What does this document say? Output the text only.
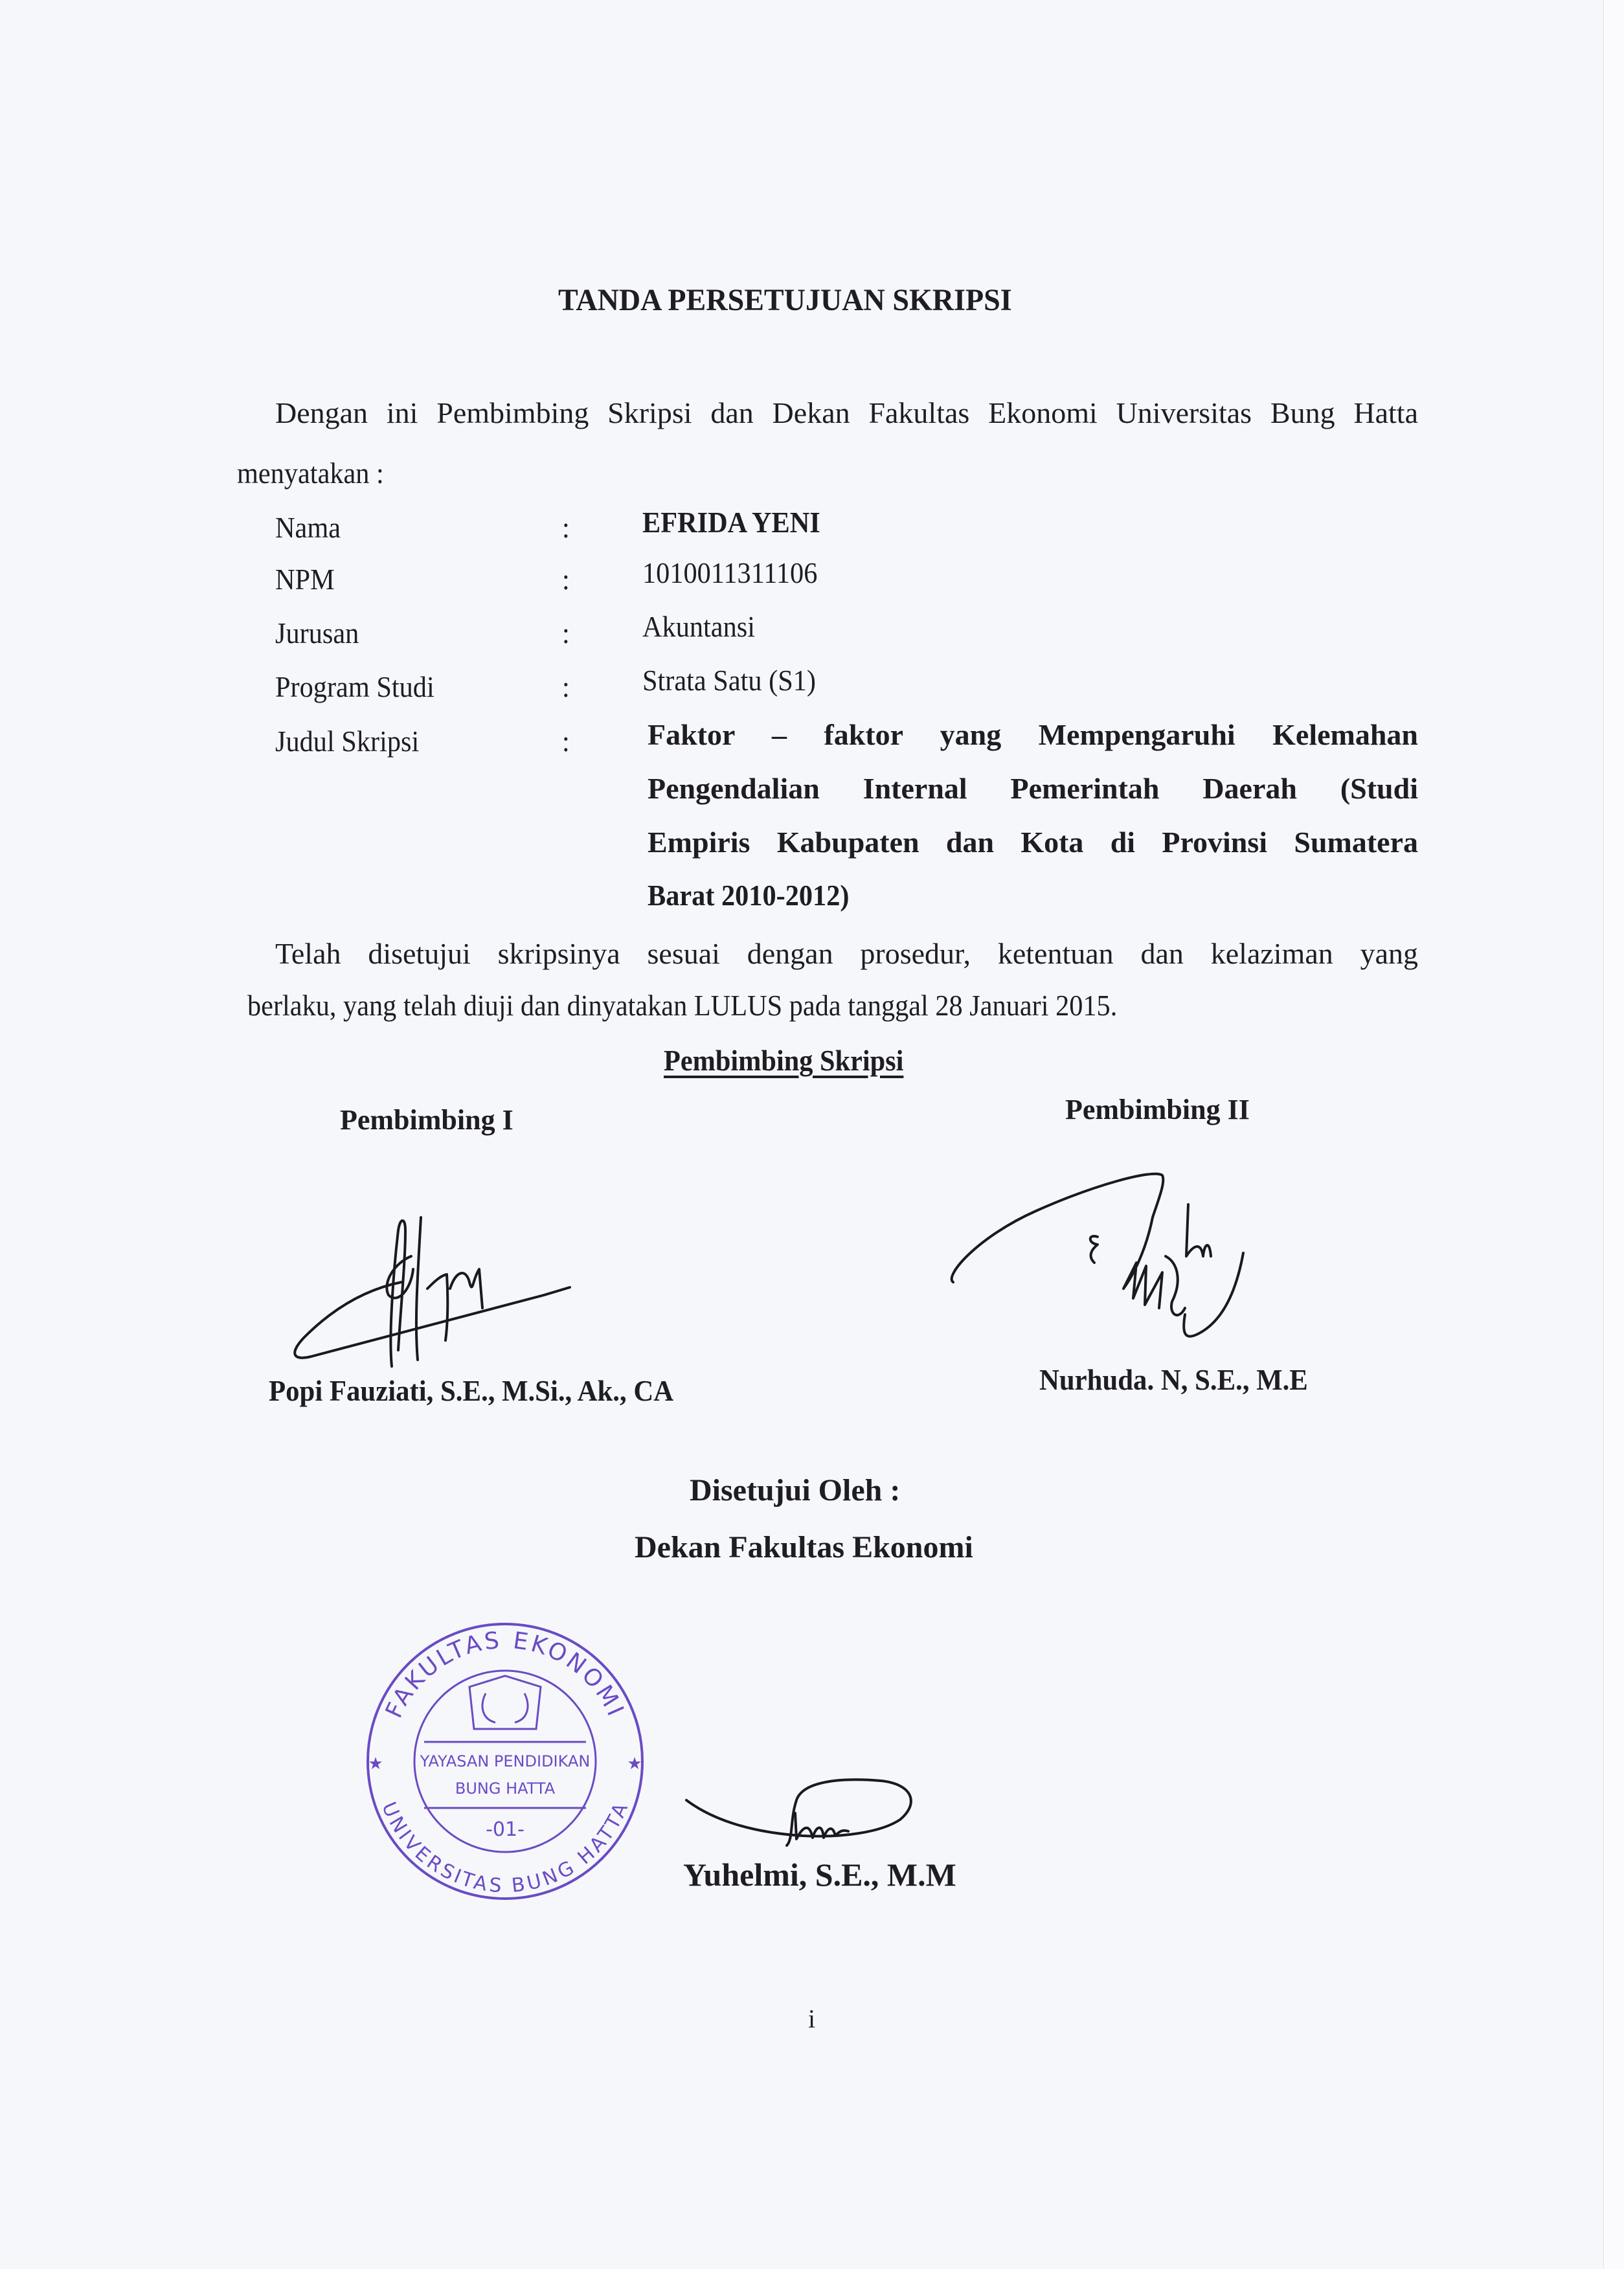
TANDA PERSETUJUAN SKRIPSI
Dengan ini Pembimbing Skripsi dan Dekan Fakultas Ekonomi Universitas Bung Hatta
menyatakan :
Nama	: EFRIDA YENI
NPM	: 1010011311106
Jurusan	: Akuntansi
Program Studi	: Strata Satu (S1)
Judul Skripsi	:	Faktor – faktor yang Mempengaruhi Kelemahan
Pengendalian Internal Pemerintah Daerah (Studi
Empiris Kabupaten dan Kota di Provinsi Sumatera
Barat 2010-2012)
Telah disetujui skripsinya sesuai dengan prosedur, ketentuan dan kelaziman yang
berlaku, yang telah diuji dan dinyatakan LULUS pada tanggal 28 Januari 2015.
Pembimbing Skripsi
Pembimbing I	Pembimbing II
Popi Fauziati, S.E., M.Si., Ak., CA	Nurhuda. N, S.E., M.E
Disetujui Oleh :
Dekan Fakultas Ekonomi
FAKULTAS EKONOMI
UNIVERSITAS BUNG HATTA
YAYASAN PENDIDIKAN
BUNG HATTA
-01-
★	★
Yuhelmi, S.E., M.M
i
